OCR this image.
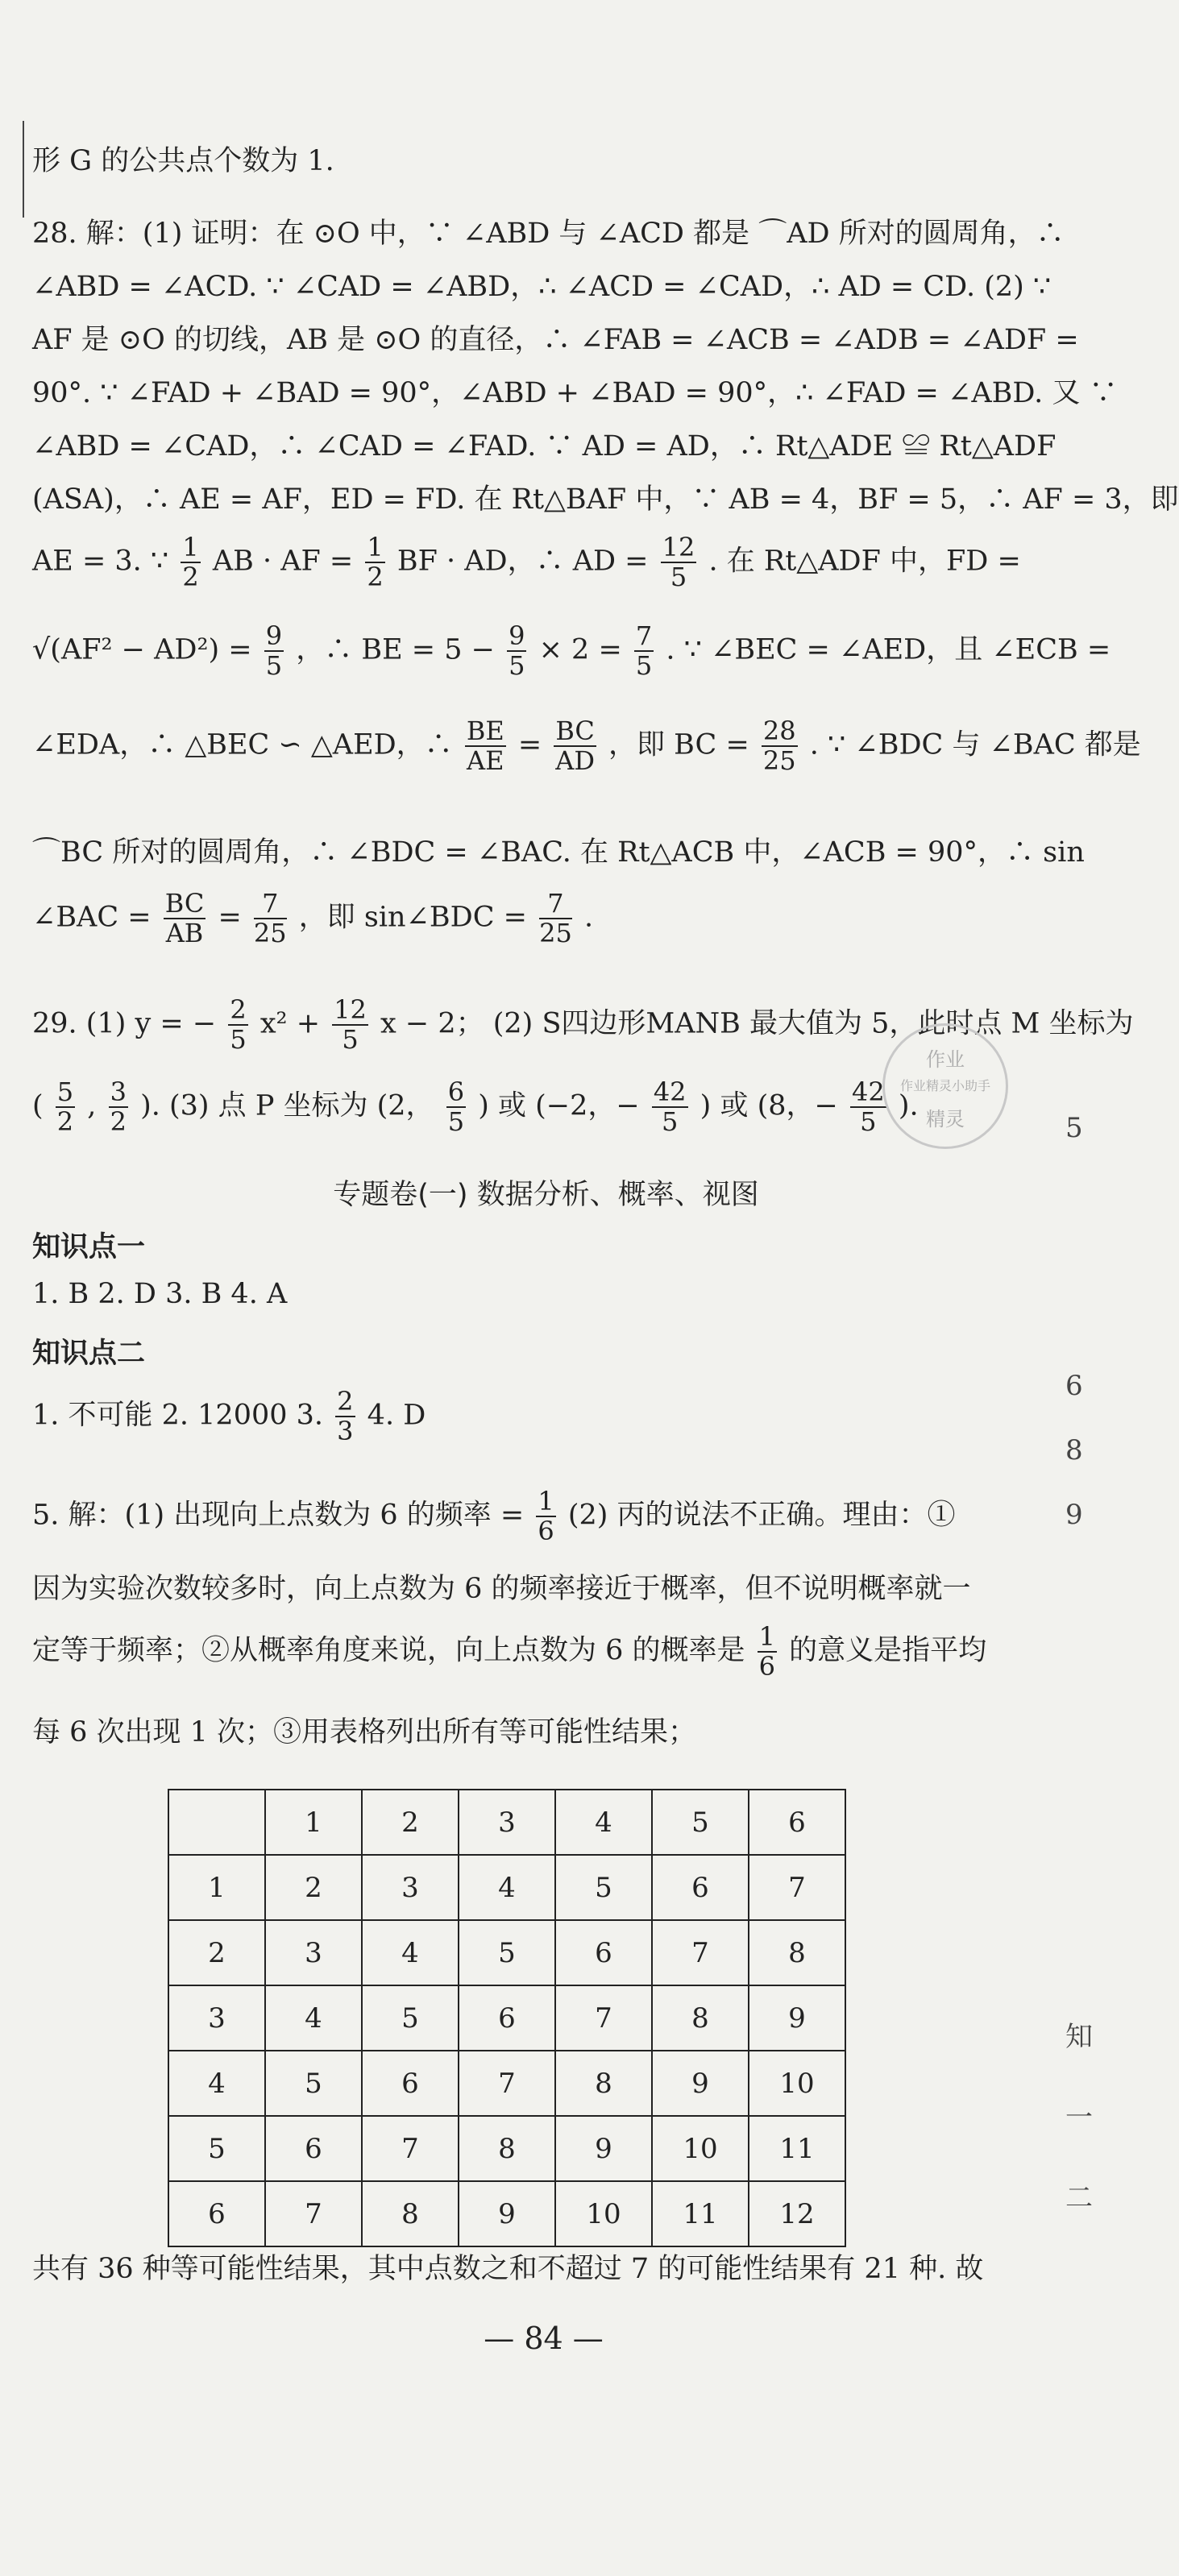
形 G 的公共点个数为 1.
28. 解：(1) 证明：在 ⊙O 中，∵ ∠ABD 与 ∠ACD 都是 ⌒AD 所对的圆周角，∴
∠ABD = ∠ACD. ∵ ∠CAD = ∠ABD，∴ ∠ACD = ∠CAD，∴ AD = CD. (2) ∵
AF 是 ⊙O 的切线，AB 是 ⊙O 的直径，∴ ∠FAB = ∠ACB = ∠ADB = ∠ADF =
90°. ∵ ∠FAD + ∠BAD = 90°，∠ABD + ∠BAD = 90°，∴ ∠FAD = ∠ABD. 又 ∵
∠ABD = ∠CAD，∴ ∠CAD = ∠FAD. ∵ AD = AD，∴ Rt△ADE ≌ Rt△ADF
(ASA)，∴ AE = AF，ED = FD. 在 Rt△BAF 中，∵ AB = 4，BF = 5，∴ AF = 3，即
AE = 3. ∵ $\frac{1}{2}$ AB · AF = $\frac{1}{2}$ BF · AD，∴ AD = $\frac{12}{5}$ . 在 Rt△ADF 中，FD =
$√(AF^2 - AD^2) = \frac{9}{5}$ ，∴ BE = $5 - \frac{9}{5} \times 2 = \frac{7}{5}$ . ∵ ∠BEC = ∠AED，且 ∠ECB =
∠EDA，∴ △BEC ∽ △AED，∴ $\frac{BE}{AE} = \frac{BC}{AD}$ ，即 BC = $\frac{28}{25}$ . ∵ ∠BDC 与 ∠BAC 都是
⌒BC 所对的圆周角，∴ ∠BDC = ∠BAC. 在 Rt△ACB 中，∠ACB = 90°，∴ sin
∠BAC = $\frac{BC}{AB} = \frac{7}{25}$ ，即 sin∠BDC = $\frac{7}{25}$ .
29. (1) y = − $\frac{2}{5} x^2 + \frac{12}{5}$ x − 2； (2) S四边形MANB 最大值为 5，此时点 M 坐标为
( $\frac{5}{2}$ , $\frac{3}{2}$ ). (3) 点 P 坐标为 (2， $\frac{6}{5}$ ) 或 (−2，− $\frac{42}{5}$ ) 或 (8，− $\frac{42}{5}$ ).
专题卷(一) 数据分析、概率、视图
知识点一
1. B 2. D 3. B 4. A
知识点二
1. 不可能 2. 12000 3. $\frac{2}{3} 4$. D
5. 解：(1) 出现向上点数为 6 的频率 = $\frac{1}{6} (2)$ 丙的说法不正确。理由：①
因为实验次数较多时，向上点数为 6 的频率接近于概率，但不说明概率就一
定等于频率；②从概率角度来说，向上点数为 6 的概率是 $\frac{1}{6}$ 的意义是指平均
每 6 次出现 1 次；③用表格列出所有等可能性结果；
共有 36 种等可能性结果，其中点数之和不超过 7 的可能性结果有 21 种. 故
	1	2	3	4	5	6
1	2	3	4	5	6	7
2	3	4	5	6	7	8
3	4	5	6	7	8	9
4	5	6	7	8	9	10
5	6	7	8	9	10	11
6	7	8	9	10	11	12
作业
作业精灵小助手
精灵	5
6
8
9
知
一
二
— 84 —
